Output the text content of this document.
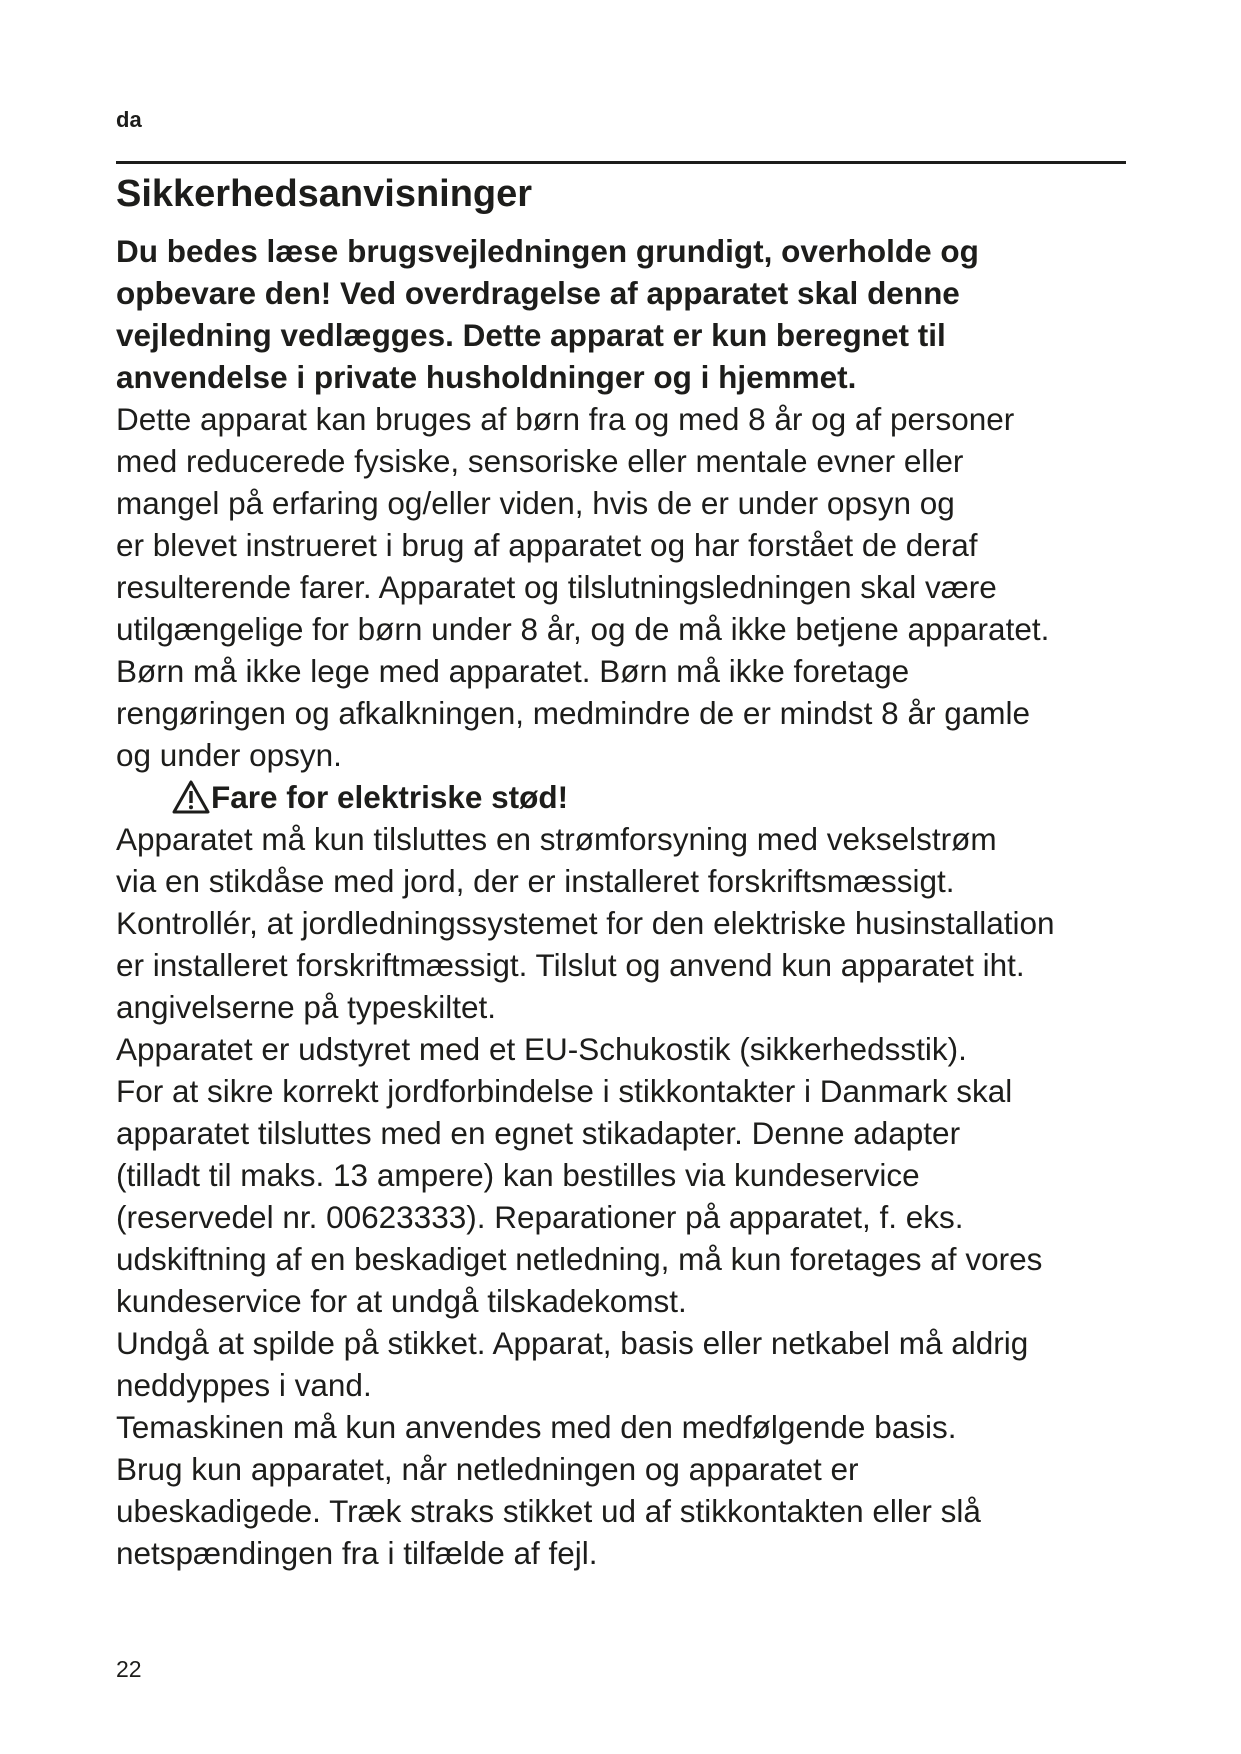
da
Sikkerhedsanvisninger
Du bedes læse brugsvejledningen grundigt, overholde og
opbevare den! Ved overdragelse af apparatet skal denne
vejledning vedlægges. Dette apparat er kun beregnet til
anvendelse i private husholdninger og i hjemmet.
Dette apparat kan bruges af børn fra og med 8 år og af personer
med reducerede fysiske, sensoriske eller mentale evner eller
mangel på erfaring og/eller viden, hvis de er under opsyn og
er blevet instrueret i brug af apparatet og har forstået de deraf
resulterende farer. Apparatet og tilslutningsledningen skal være
utilgængelige for børn under 8 år, og de må ikke betjene apparatet.
Børn må ikke lege med apparatet. Børn må ikke foretage
rengøringen og afkalkningen, medmindre de er mindst 8 år gamle
og under opsyn.
Fare for elektriske stød!
Apparatet må kun tilsluttes en strømforsyning med vekselstrøm
via en stikdåse med jord, der er installeret forskriftsmæssigt.
Kontrollér, at jordledningssystemet for den elektriske husinstallation
er installeret forskriftmæssigt. Tilslut og anvend kun apparatet iht.
angivelserne på typeskiltet.
Apparatet er udstyret med et EU-Schukostik (sikkerhedsstik).
For at sikre korrekt jordforbindelse i stikkontakter i Danmark skal
apparatet tilsluttes med en egnet stikadapter. Denne adapter
(tilladt til maks. 13 ampere) kan bestilles via kundeservice
(reservedel nr. 00623333). Reparationer på apparatet, f. eks.
udskiftning af en beskadiget netledning, må kun foretages af vores
kundeservice for at undgå tilskadekomst.
Undgå at spilde på stikket. Apparat, basis eller netkabel må aldrig
neddyppes i vand.
Temaskinen må kun anvendes med den medfølgende basis.
Brug kun apparatet, når netledningen og apparatet er
ubeskadigede. Træk straks stikket ud af stikkontakten eller slå
netspændingen fra i tilfælde af fejl.
22
